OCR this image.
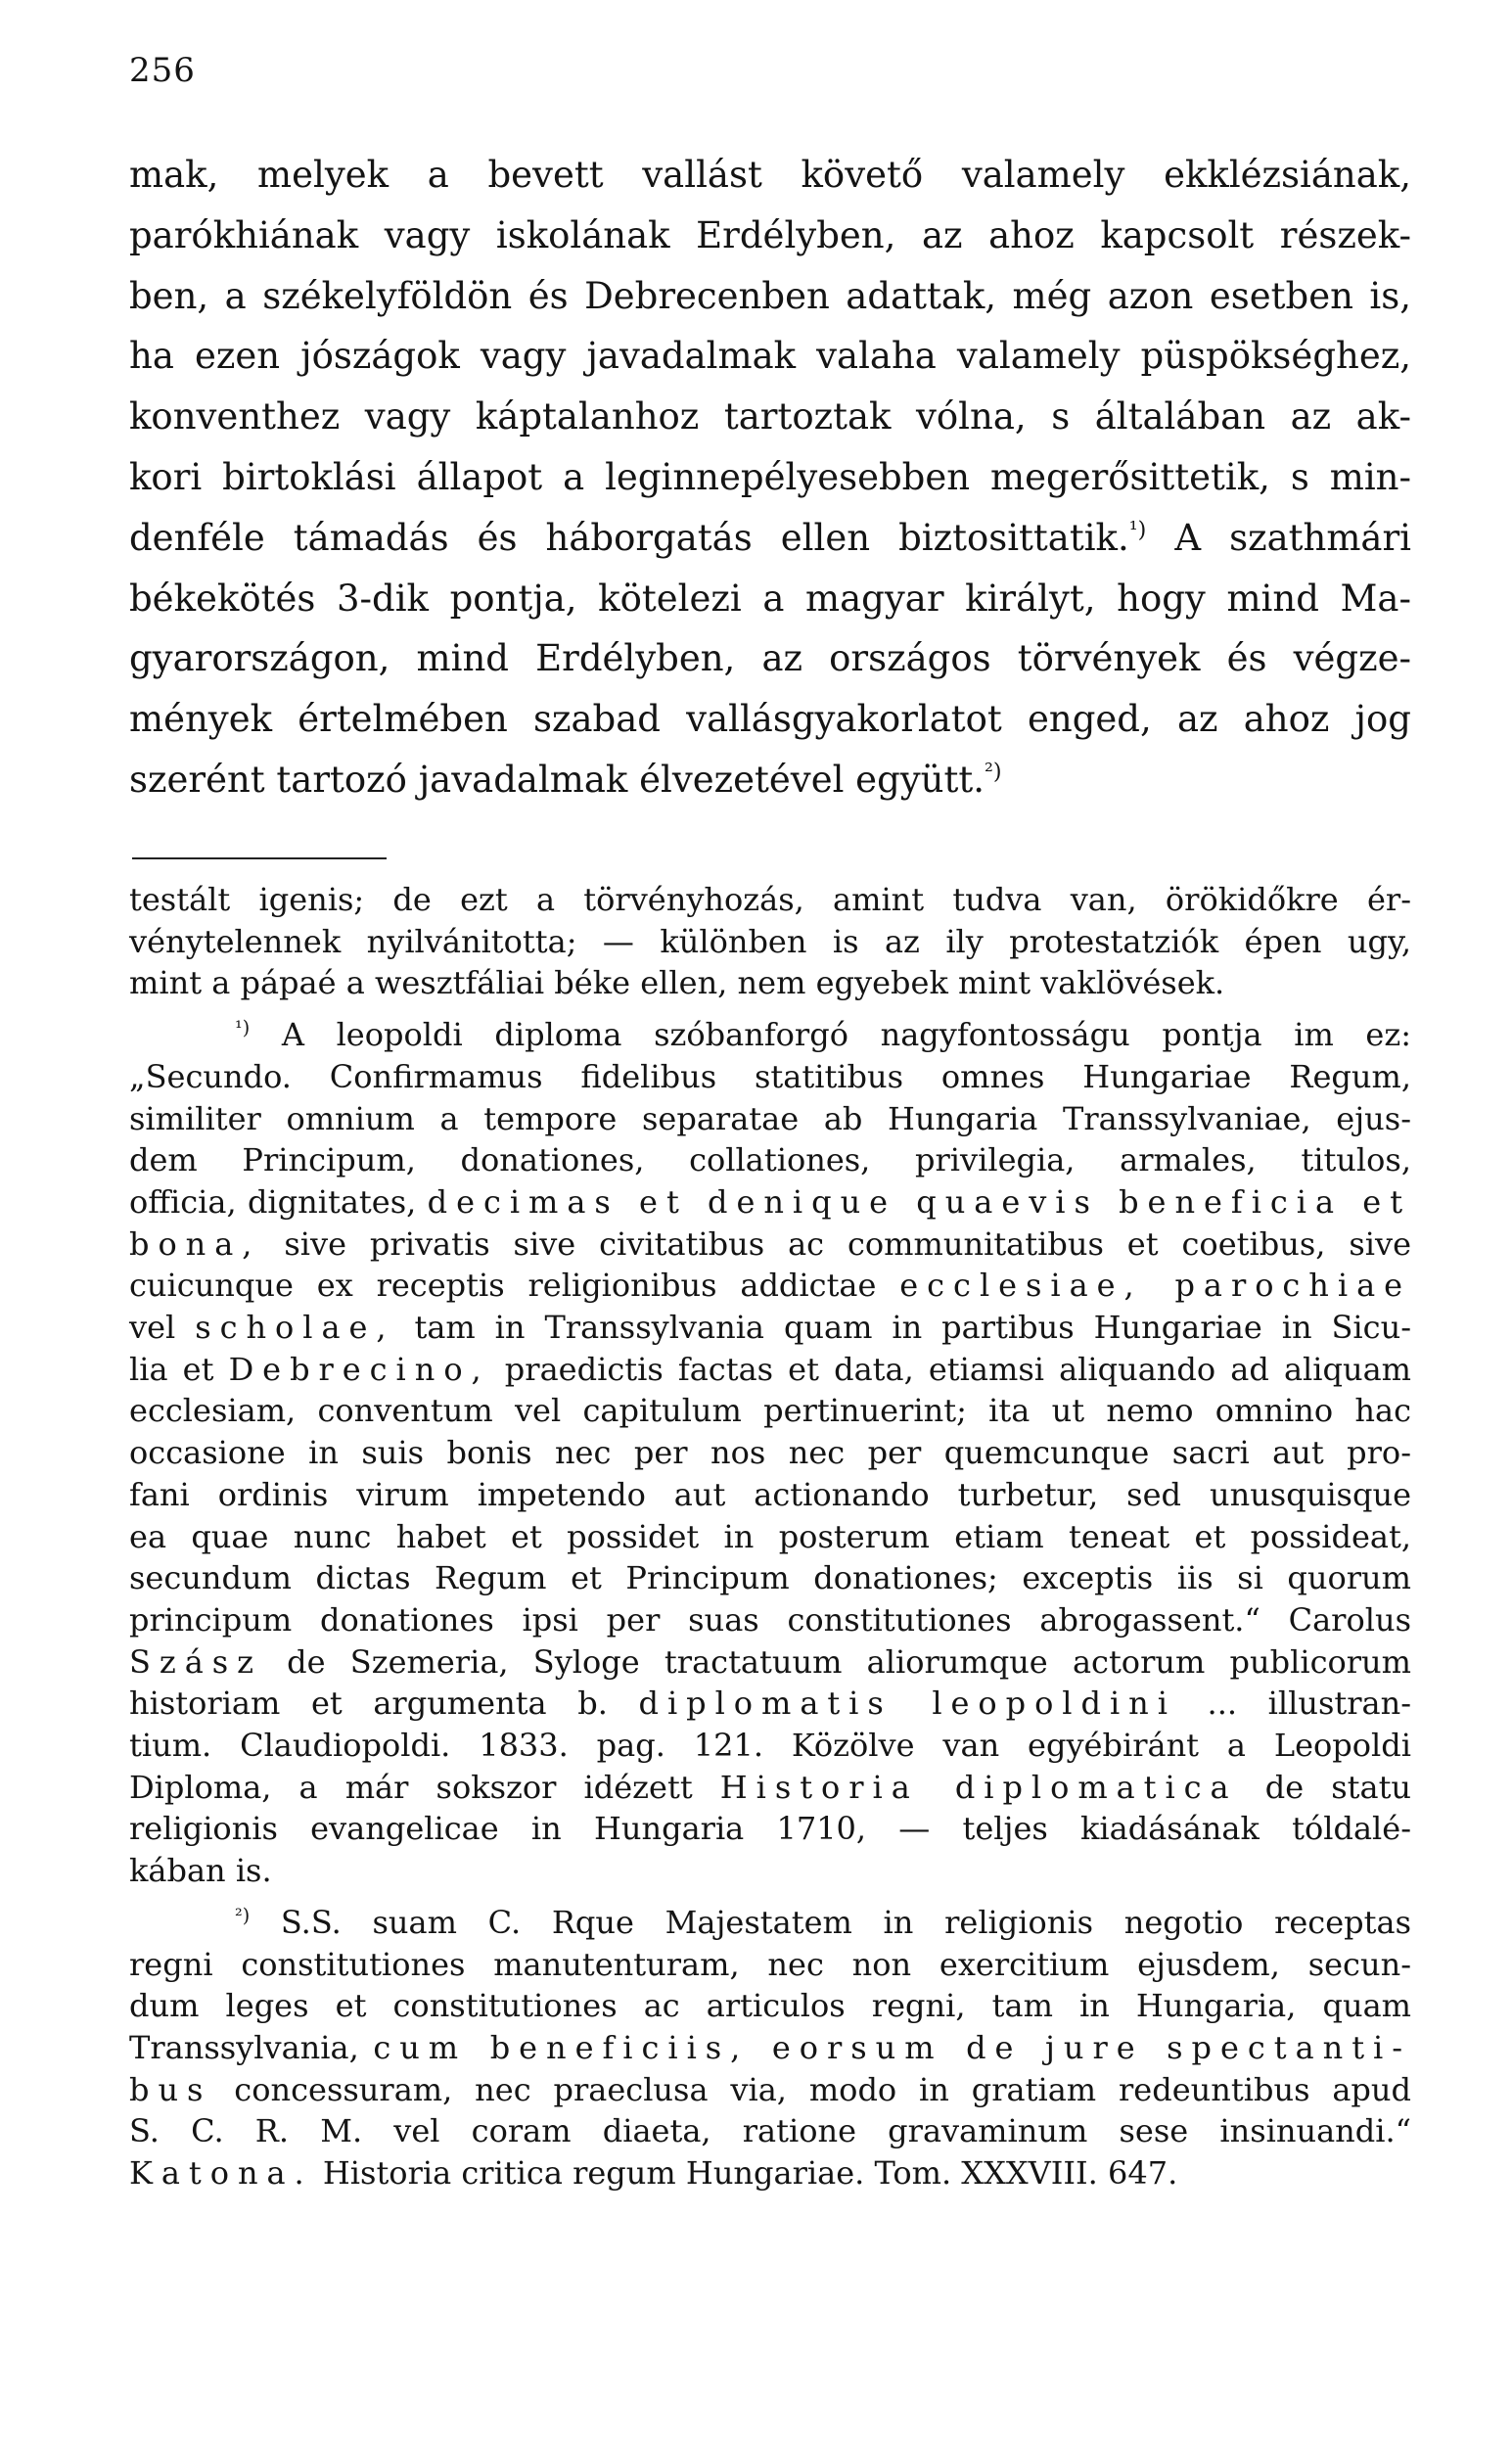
256
mak, melyek a bevett vallást követő valamely ekklézsiának,
parókhiának vagy iskolának Erdélyben, az ahoz kapcsolt részek-
ben, a székelyföldön és Debrecenben adattak, még azon esetben is,
ha ezen jószágok vagy javadalmak valaha valamely püspökséghez,
konventhez vagy káptalanhoz tartoztak vólna, s általában az ak-
kori birtoklási állapot a leginnepélyesebben megerősittetik, s min-
denféle támadás és háborgatás ellen biztosittatik.$^{^1)}$ A szathmári
békekötés 3-dik pontja, kötelezi a magyar királyt, hogy mind Ma-
gyarországon, mind Erdélyben, az országos törvények és végze-
mények értelmében szabad vallásgyakorlatot enged, az ahoz jog
szerént tartozó javadalmak élvezetével együtt.$^{^2)}$
testált igenis; de ezt a törvényhozás, amint tudva van, örökidőkre ér-
vénytelennek nyilvánitotta; — különben is az ily protestatziók épen ugy,
mint a pápaé a wesztfáliai béke ellen, nem egyebek mint vaklövések.
$^{^1)}$ A leopoldi diploma szóbanforgó nagyfontosságu pontja im ez:
„Secundo. Confirmamus fidelibus statitibus omnes Hungariae Regum,
similiter omnium a tempore separatae ab Hungaria Transsylvaniae, ejus-
dem Principum, donationes, collationes, privilegia, armales, titulos,
officia, dignitates, decimas et denique quaevis beneficia et
bona, sive privatis sive civitatibus ac communitatibus et coetibus, sive
cuicunque ex receptis religionibus addictae ecclesiae, parochiae
vel scholae, tam in Transsylvania quam in partibus Hungariae in Sicu-
lia et Debrecino, praedictis factas et data, etiamsi aliquando ad aliquam
ecclesiam, conventum vel capitulum pertinuerint; ita ut nemo omnino hac
occasione in suis bonis nec per nos nec per quemcunque sacri aut pro-
fani ordinis virum impetendo aut actionando turbetur, sed unusquisque
ea quae nunc habet et possidet in posterum etiam teneat et possideat,
secundum dictas Regum et Principum donationes; exceptis iis si quorum
principum donationes ipsi per suas constitutiones abrogassent.“ Carolus
Szász de Szemeria, Syloge tractatuum aliorumque actorum publicorum
historiam et argumenta b. diplomatis leopoldini ... illustran-
tium. Claudiopoldi. 1833. pag. 121. Közölve van egyébiránt a Leopoldi
Diploma, a már sokszor idézett Historia diplomatica de statu
religionis evangelicae in Hungaria 1710, — teljes kiadásának tóldalé-
kában is.
$^{^2)}$ S.S. suam C. Rque Majestatem in religionis negotio receptas
regni constitutiones manutenturam, nec non exercitium ejusdem, secun-
dum leges et constitutiones ac articulos regni, tam in Hungaria, quam
Transsylvania, cum beneficiis, eorsum de jure spectanti-
bus concessuram, nec praeclusa via, modo in gratiam redeuntibus apud
S. C. R. M. vel coram diaeta, ratione gravaminum sese insinuandi.“
Katona. Historia critica regum Hungariae. Tom. XXXVIII. 647.
